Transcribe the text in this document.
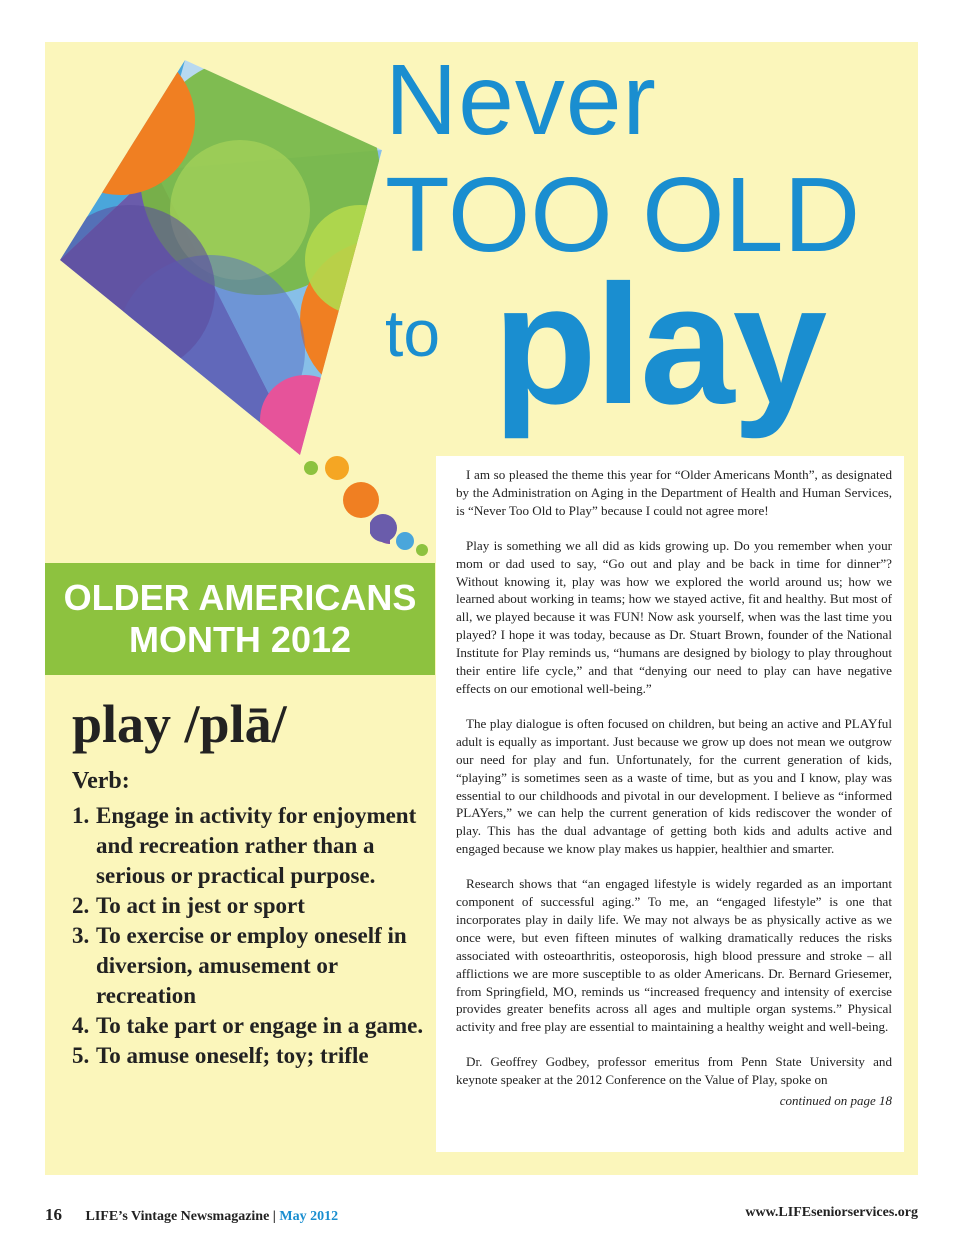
Never
TOO OLD
to play
OLDER AMERICANS
MONTH 2012
play /plā/
Verb:
1. Engage in activity for enjoyment and recreation rather than a serious or practical purpose.
2. To act in jest or sport
3. To exercise or employ oneself in diversion, amusement or recreation
4. To take part or engage in a game.
5. To amuse oneself; toy; trifle

I am so pleased the theme this year for “Older Americans Month”, as designated by the Administration on Aging in the Department of Health and Human Services, is “Never Too Old to Play” because I could not agree more!

Play is something we all did as kids growing up. Do you remember when your mom or dad used to say, “Go out and play and be back in time for dinner”? Without knowing it, play was how we explored the world around us; how we learned about working in teams; how we stayed active, fit and healthy. But most of all, we played because it was FUN! Now ask yourself, when was the last time you played? I hope it was today, because as Dr. Stuart Brown, founder of the National Institute for Play reminds us, “humans are designed by biology to play throughout their entire life cycle,” and that “denying our need to play can have negative effects on our emotional well-being.”

The play dialogue is often focused on children, but being an active and PLAYful adult is equally as important. Just because we grow up does not mean we outgrow our need for play and fun. Unfortunately, for the current generation of kids, “playing” is sometimes seen as a waste of time, but as you and I know, play was essential to our childhoods and pivotal in our development. I believe as “informed PLAYers,” we can help the current generation of kids rediscover the wonder of play. This has the dual advantage of getting both kids and adults active and engaged because we know play makes us happier, healthier and smarter.

Research shows that “an engaged lifestyle is widely regarded as an important component of successful aging.” To me, an “engaged lifestyle” is one that incorporates play in daily life. We may not always be as physically active as we once were, but even fifteen minutes of walking dramatically reduces the risks associated with osteoarthritis, osteoporosis, high blood pressure and stroke – all afflictions we are more susceptible to as older Americans. Dr. Bernard Griesemer, from Springfield, MO, reminds us “increased frequency and intensity of exercise provides greater benefits across all ages and multiple organ systems.” Physical activity and free play are essential to maintaining a healthy weight and well-being.

Dr. Geoffrey Godbey, professor emeritus from Penn State University and keynote speaker at the 2012 Conference on the Value of Play, spoke on

continued on page 18
16 LIFE’s Vintage Newsmagazine | May 2012	www.LIFEseniorservices.org
